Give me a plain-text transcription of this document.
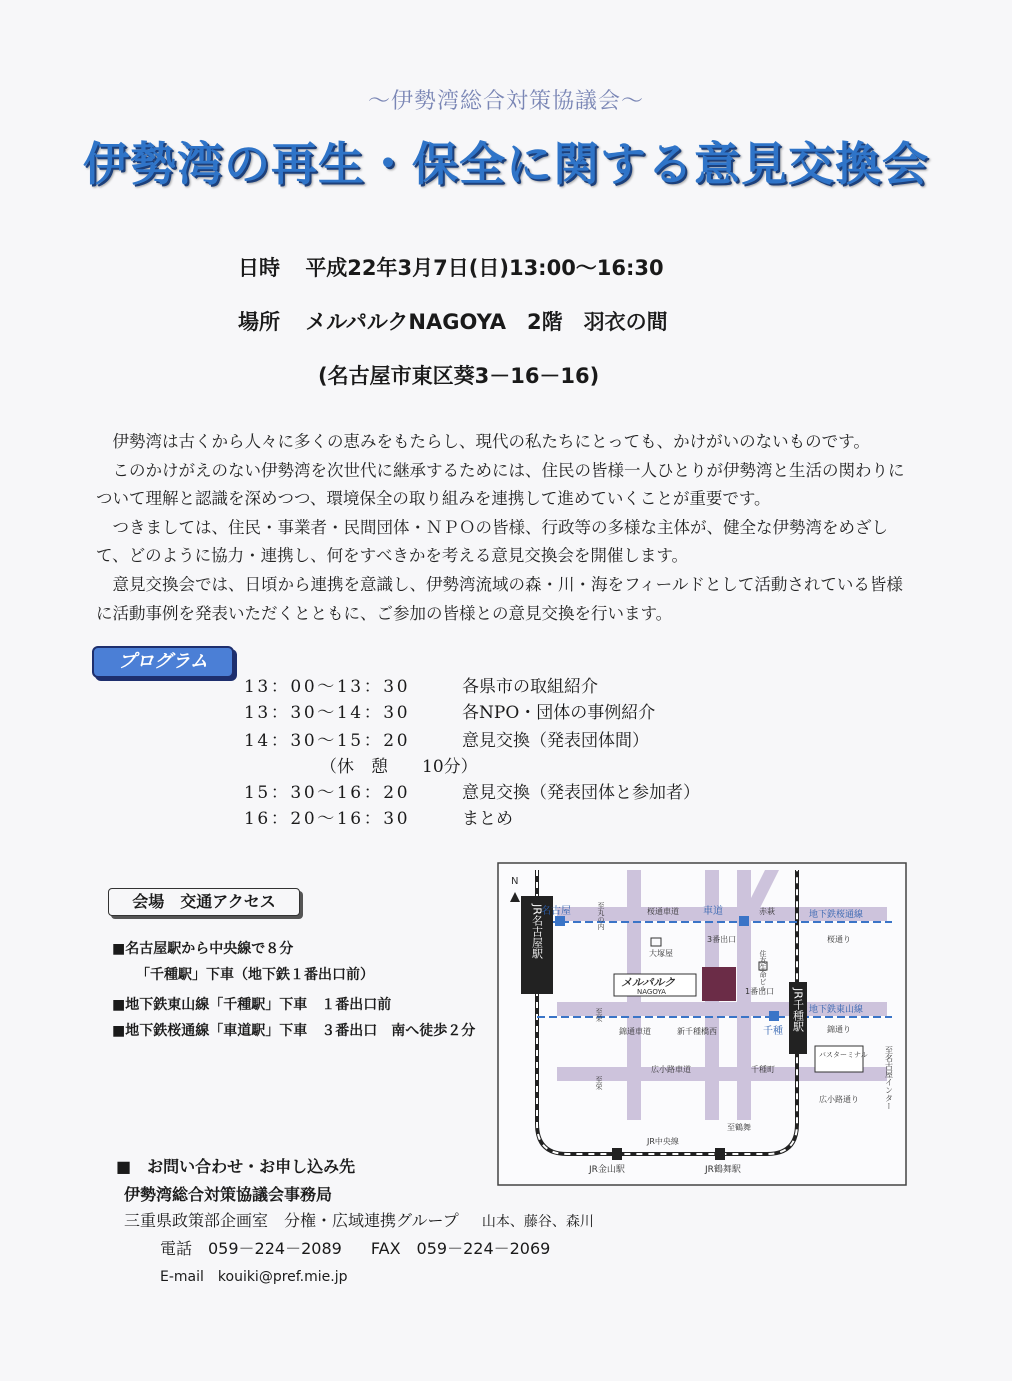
～伊勢湾総合対策協議会～
伊勢湾の再生・保全に関する意見交換会
日時 平成22年3月7日(日)13:00～16:30
場所 メルパルクNAGOYA　2階　羽衣の間
(名古屋市東区葵3－16－16)

伊勢湾は古くから人々に多くの恵みをもたらし、現代の私たちにとっても、かけがいのないものです。

このかけがえのない伊勢湾を次世代に継承するためには、住民の皆様一人ひとりが伊勢湾と生活の関わりについて理解と認識を深めつつ、環境保全の取り組みを連携して進めていくことが重要です。

つきましては、住民・事業者・民間団体・ＮＰＯの皆様、行政等の多様な主体が、健全な伊勢湾をめざして、どのように協力・連携し、何をすべきかを考える意見交換会を開催します。

意見交換会では、日頃から連携を意識し、伊勢湾流域の森・川・海をフィールドとして活動されている皆様に活動事例を発表いただくとともに、ご参加の皆様との意見交換を行います。

プログラム
13：00～13：30	各県市の取組紹介
13：30～14：30	各NPO・団体の事例紹介
14：30～15：20	意見交換（発表団体間）
（休　憩　　10分）
15：30～16：20	意見交換（発表団体と参加者）
16：20～16：30	まとめ
会場　交通アクセス
■名古屋駅から中央線で８分
「千種駅」下車（地下鉄１番出口前）
■地下鉄東山線「千種駅」下車　１番出口前
■地下鉄桜通線「車道駅」下車　３番出口　南へ徒歩２分
JR名古屋駅
JR千種駅
N
メルパルク
NAGOYA
名古屋	車道
千種
地下鉄桜通線
地下鉄東山線
桜通り
錦通り
広小路通り
桜通車道	赤萩
新千種橋西
錦通車道
広小路車道	千種町
3番出口
1番出口
大塚屋	住友生命ビル
バスターミナル
至丸の内
至栄
至栄
至鶴舞
JR中央線
JR金山駅	JR鶴舞駅
至名古屋インター
■　お問い合わせ・お申し込み先
伊勢湾総合対策協議会事務局
三重県政策部企画室　分権・広域連携グループ 山本、藤谷、森川
電話　059－224－2089 FAX　059－224－2069
E-mail　kouiki@pref.mie.jp
